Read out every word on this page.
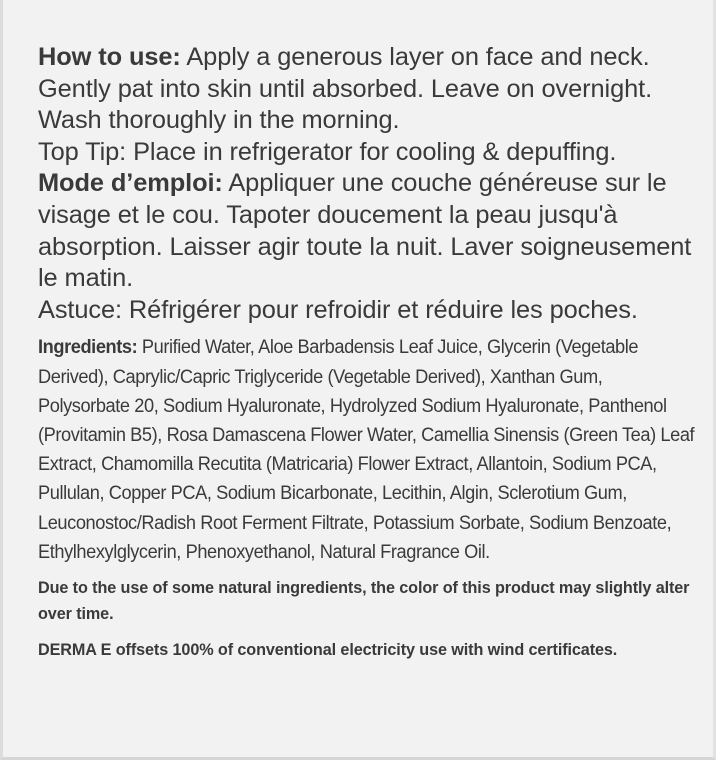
How to use: Apply a generous layer on face and neck. Gently pat into skin until absorbed. Leave on overnight. Wash thoroughly in the morning.

Top Tip: Place in refrigerator for cooling & depuffing.

Mode d’emploi: Appliquer une couche généreuse sur le visage et le cou. Tapoter doucement la peau jusqu'à absorption. Laisser agir toute la nuit. Laver soigneusement le matin.

Astuce: Réfrigérer pour refroidir et réduire les poches.

Ingredients: Purified Water, Aloe Barbadensis Leaf Juice, Glycerin (Vegetable Derived), Caprylic/Capric Triglyceride (Vegetable Derived), Xanthan Gum, Polysorbate 20, Sodium Hyaluronate, Hydrolyzed Sodium Hyaluronate, Panthenol (Provitamin B5), Rosa Damascena Flower Water, Camellia Sinensis (Green Tea) Leaf Extract, Chamomilla Recutita (Matricaria) Flower Extract, Allantoin, Sodium PCA, Pullulan, Copper PCA, Sodium Bicarbonate, Lecithin, Algin, Sclerotium Gum, Leuconostoc/Radish Root Ferment Filtrate, Potassium Sorbate, Sodium Benzoate, Ethylhexylglycerin, Phenoxyethanol, Natural Fragrance Oil.

Due to the use of some natural ingredients, the color of this product may slightly alter over time.

DERMA E offsets 100% of conventional electricity use with wind certificates.
